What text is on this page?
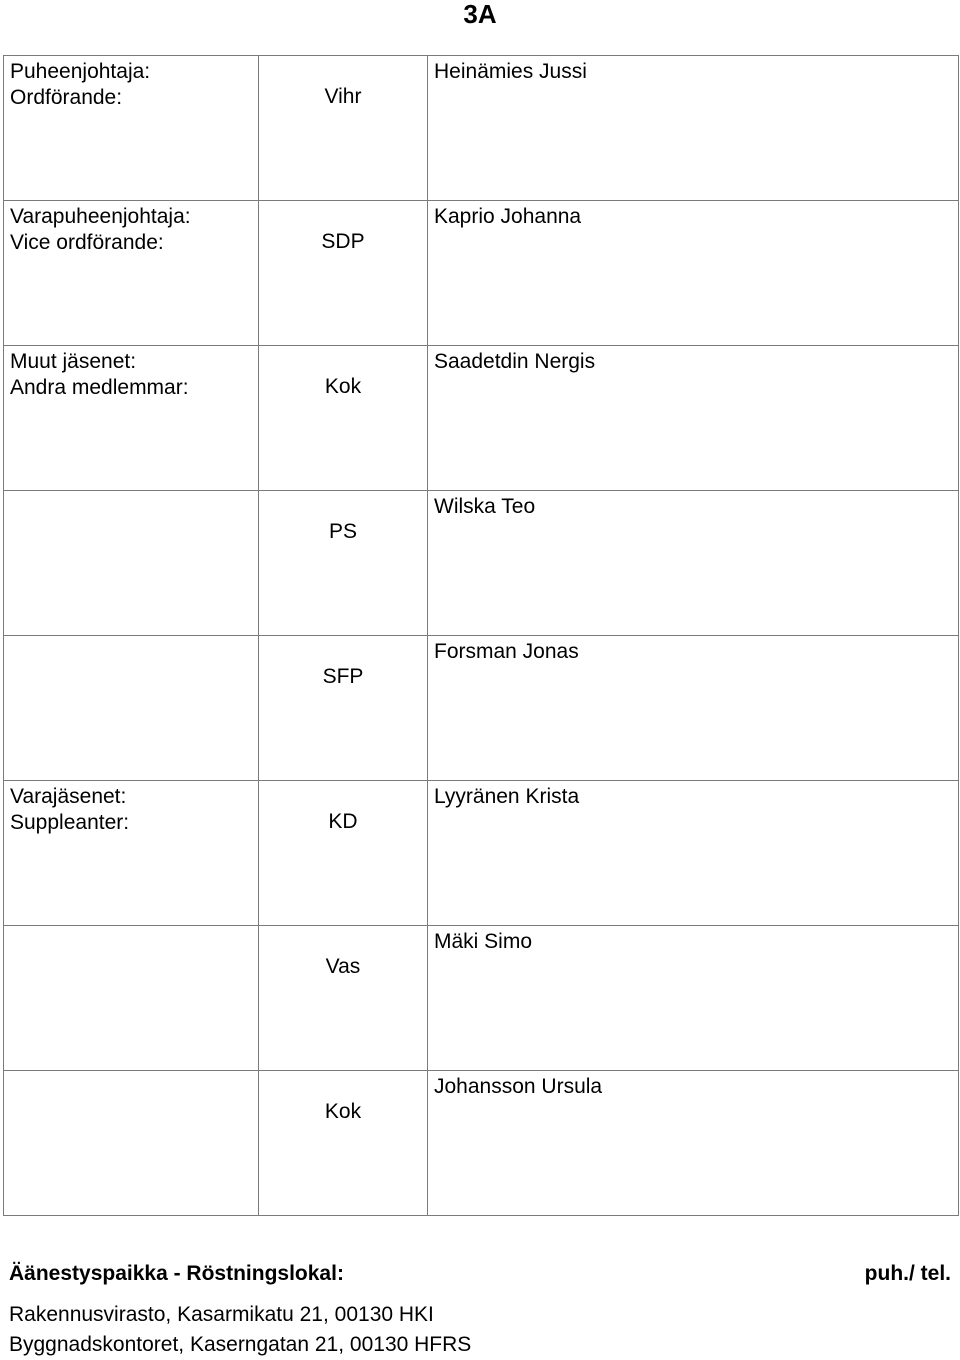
3A
Puheenjohtaja:
Ordförande:	Vihr	Heinämies Jussi

Varapuheenjohtaja:
Vice ordförande:	SDP	Kaprio Johanna

Muut jäsenet:
Andra medlemmar:	Kok	Saadetdin Nergis

	PS	Wilska Teo

	SFP	Forsman Jonas

Varajäsenet:
Suppleanter:	KD	Lyyränen Krista

	Vas	Mäki Simo

	Kok	Johansson Ursula
Äänestyspaikka - Röstningslokal:	puh./ tel.
Rakennusvirasto, Kasarmikatu 21, 00130 HKI
Byggnadskontoret, Kaserngatan 21, 00130 HFRS
